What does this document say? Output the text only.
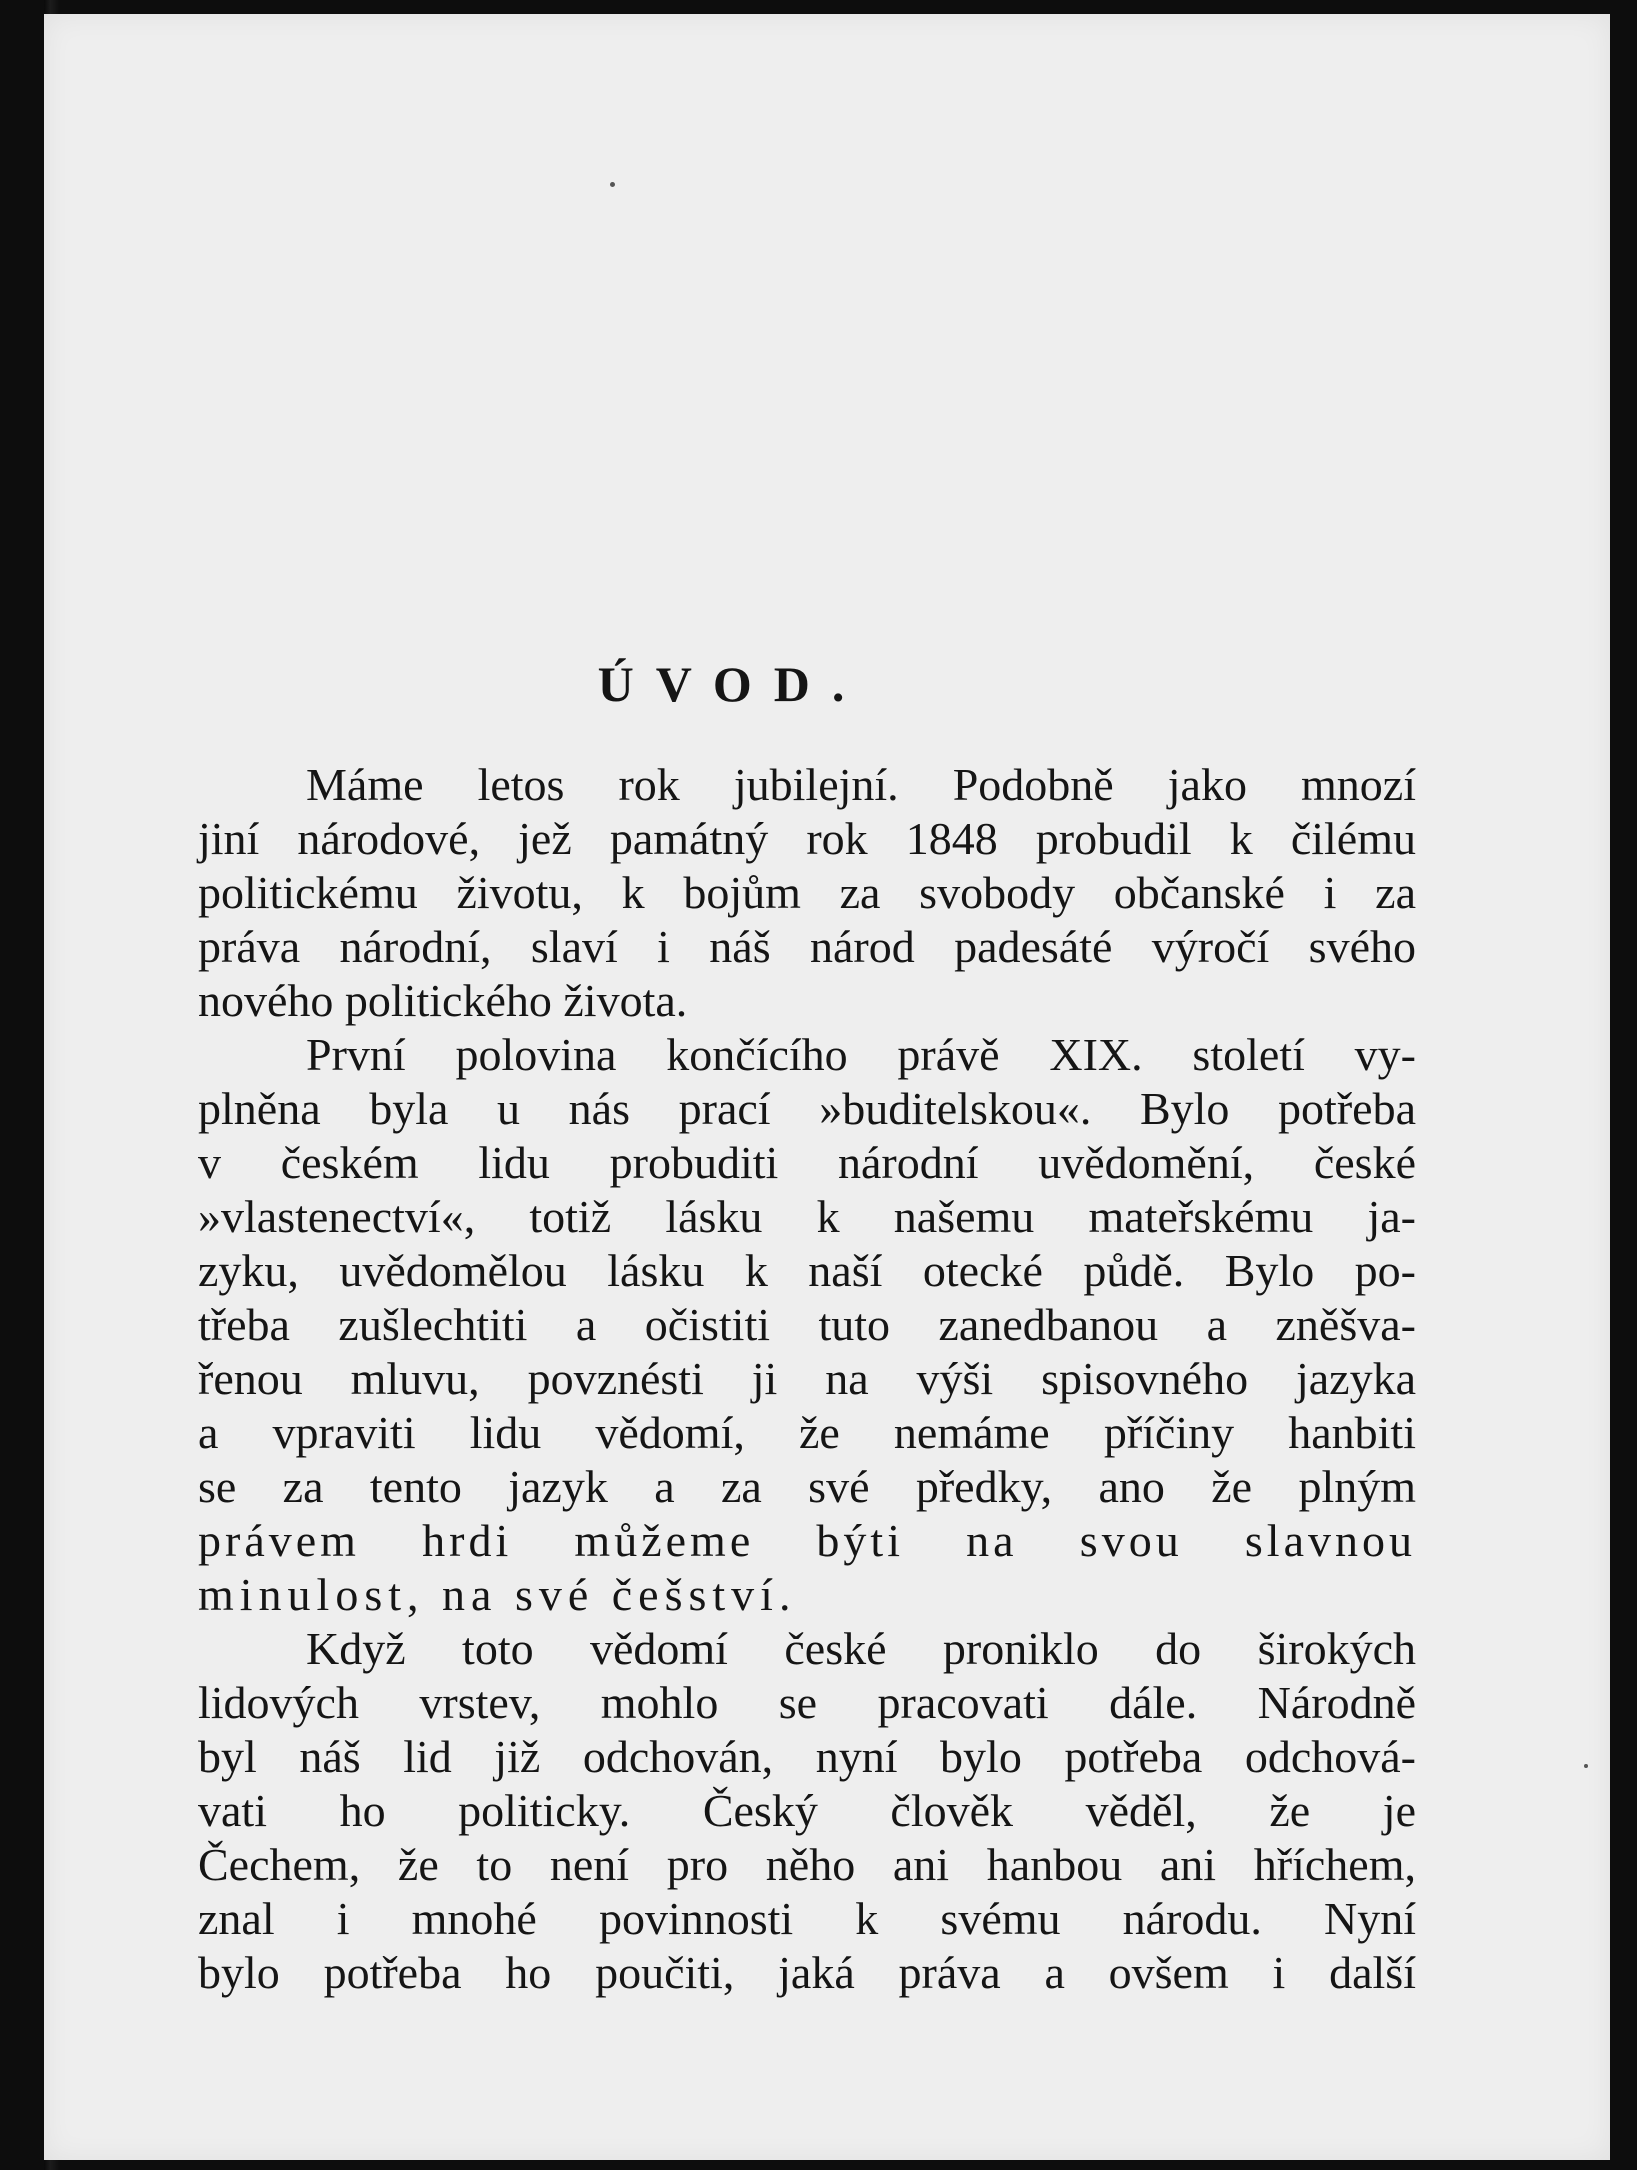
ÚVOD.
Máme letos rok jubilejní. Podobně jako mnozí
jiní národové, jež památný rok 1848 probudil k čilému
politickému životu, k bojům za svobody občanské i za
práva národní, slaví i náš národ padesáté výročí svého
nového politického života.
První polovina končícího právě XIX. století vy-
plněna byla u nás prací »buditelskou«. Bylo potřeba
v českém lidu probuditi národní uvědomění, české
»vlastenectví«, totiž lásku k našemu mateřskému ja-
zyku, uvědomělou lásku k naší otecké půdě. Bylo po-
třeba zušlechtiti a očistiti tuto zanedbanou a zněšva-
řenou mluvu, povznésti ji na výši spisovného jazyka
a vpraviti lidu vědomí, že nemáme příčiny hanbiti
se za tento jazyk a za své předky, ano že plným
právem hrdi můžeme býti na svou slavnou
minulost, na své češství.
Když toto vědomí české proniklo do širokých
lidových vrstev, mohlo se pracovati dále. Národně
byl náš lid již odchován, nyní bylo potřeba odchová-
vati ho politicky. Český člověk věděl, že je
Čechem, že to není pro něho ani hanbou ani hříchem,
znal i mnohé povinnosti k svému národu. Nyní
bylo potřeba ho poučiti, jaká práva a ovšem i další
